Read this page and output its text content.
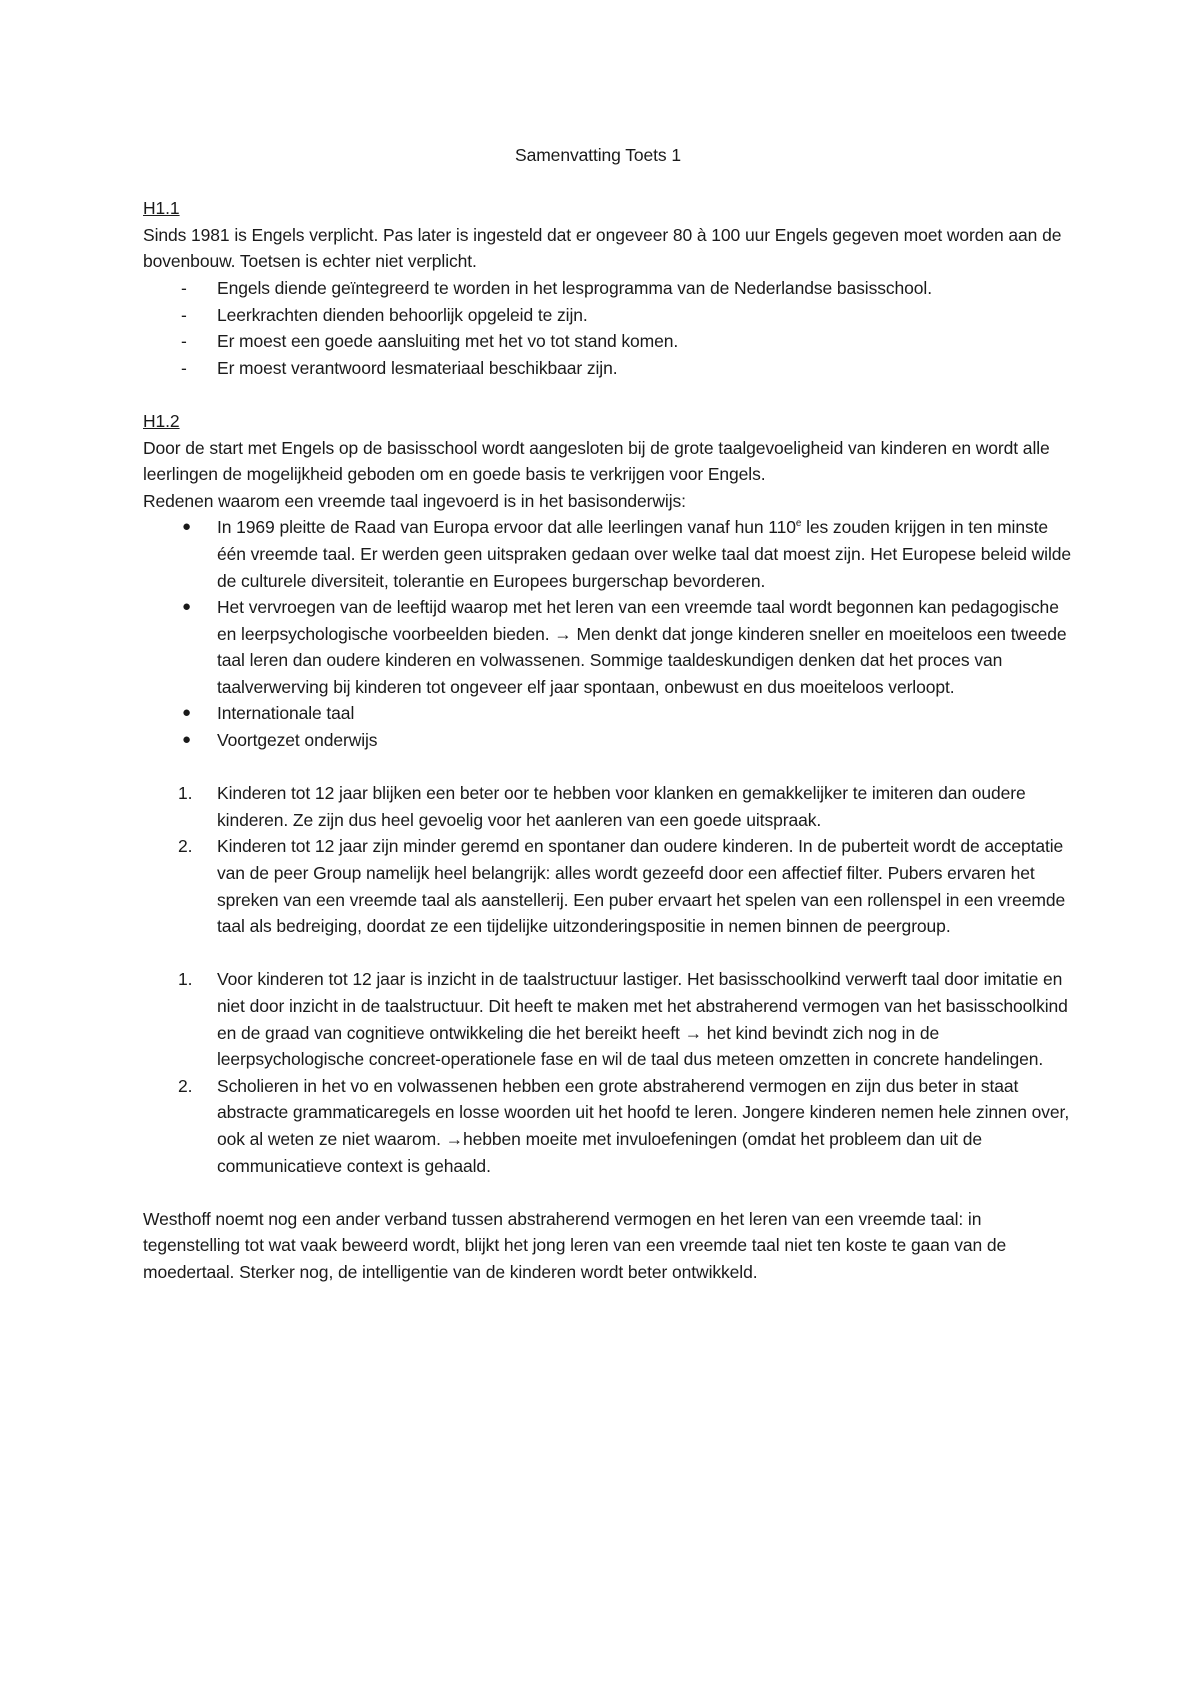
Samenvatting Toets 1

H1.1

Sinds 1981 is Engels verplicht. Pas later is ingesteld dat er ongeveer 80 à 100 uur Engels gegeven moet worden aan de bovenbouw. Toetsen is echter niet verplicht.

- Engels diende geïntegreerd te worden in het lesprogramma van de Nederlandse basisschool.
- Leerkrachten dienden behoorlijk opgeleid te zijn.
- Er moest een goede aansluiting met het vo tot stand komen.
- Er moest verantwoord lesmateriaal beschikbaar zijn.

H1.2

Door de start met Engels op de basisschool wordt aangesloten bij de grote taalgevoeligheid van kinderen en wordt alle leerlingen de mogelijkheid geboden om en goede basis te verkrijgen voor Engels.

Redenen waarom een vreemde taal ingevoerd is in het basisonderwijs:

● In 1969 pleitte de Raad van Europa ervoor dat alle leerlingen vanaf hun 110e les zouden krijgen in ten minste één vreemde taal. Er werden geen uitspraken gedaan over welke taal dat moest zijn. Het Europese beleid wilde de culturele diversiteit, tolerantie en Europees burgerschap bevorderen.
● Het vervroegen van de leeftijd waarop met het leren van een vreemde taal wordt begonnen kan pedagogische en leerpsychologische voorbeelden bieden. → Men denkt dat jonge kinderen sneller en moeiteloos een tweede taal leren dan oudere kinderen en volwassenen. Sommige taaldeskundigen denken dat het proces van taalverwerving bij kinderen tot ongeveer elf jaar spontaan, onbewust en dus moeiteloos verloopt.
● Internationale taal
● Voortgezet onderwijs
1. Kinderen tot 12 jaar blijken een beter oor te hebben voor klanken en gemakkelijker te imiteren dan oudere kinderen. Ze zijn dus heel gevoelig voor het aanleren van een goede uitspraak.
2. Kinderen tot 12 jaar zijn minder geremd en spontaner dan oudere kinderen. In de puberteit wordt de acceptatie van de peer Group namelijk heel belangrijk: alles wordt gezeefd door een affectief filter. Pubers ervaren het spreken van een vreemde taal als aanstellerij. Een puber ervaart het spelen van een rollenspel in een vreemde taal als bedreiging, doordat ze een tijdelijke uitzonderingspositie in nemen binnen de peergroup.
1. Voor kinderen tot 12 jaar is inzicht in de taalstructuur lastiger. Het basisschoolkind verwerft taal door imitatie en niet door inzicht in de taalstructuur. Dit heeft te maken met het abstraherend vermogen van het basisschoolkind en de graad van cognitieve ontwikkeling die het bereikt heeft → het kind bevindt zich nog in de leerpsychologische concreet-operationele fase en wil de taal dus meteen omzetten in concrete handelingen.
2. Scholieren in het vo en volwassenen hebben een grote abstraherend vermogen en zijn dus beter in staat abstracte grammaticaregels en losse woorden uit het hoofd te leren. Jongere kinderen nemen hele zinnen over, ook al weten ze niet waarom. →hebben moeite met invuloefeningen (omdat het probleem dan uit de communicatieve context is gehaald.

Westhoff noemt nog een ander verband tussen abstraherend vermogen en het leren van een vreemde taal: in tegenstelling tot wat vaak beweerd wordt, blijkt het jong leren van een vreemde taal niet ten koste te gaan van de moedertaal. Sterker nog, de intelligentie van de kinderen wordt beter ontwikkeld.
